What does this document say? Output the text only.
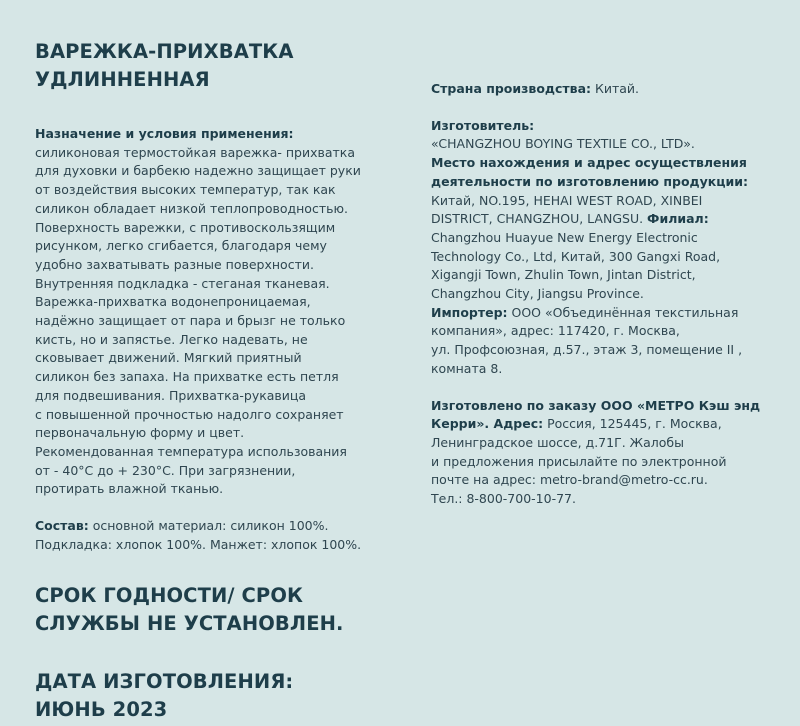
ВАРЕЖКА-ПРИХВАТКА
УДЛИННЕННАЯ
Назначение и условия применения:
силиконовая термостойкая варежка- прихватка
для духовки и барбекю надежно защищает руки
от воздействия высоких температур, так как
силикон обладает низкой теплопроводностью.
Поверхность варежки, с противоскользящим
рисунком, легко сгибается, благодаря чему
удобно захватывать разные поверхности.
Внутренняя подкладка - стеганая тканевая.
Варежка-прихватка водонепроницаемая,
надёжно защищает от пара и брызг не только
кисть, но и запястье. Легко надевать, не
сковывает движений. Мягкий приятный
силикон без запаха. На прихватке есть петля
для подвешивания. Прихватка-рукавица
с повышенной прочностью надолго сохраняет
первоначальную форму и цвет.
Рекомендованная температура использования
от - 40°С до + 230°С. При загрязнении,
протирать влажной тканью.
Состав: основной материал: силикон 100%.
Подкладка: хлопок 100%. Манжет: хлопок 100%.
СРОК ГОДНОСТИ/ СРОК
СЛУЖБЫ НЕ УСТАНОВЛЕН.
ДАТА ИЗГОТОВЛЕНИЯ:
ИЮНЬ 2023
Страна производства: Китай.
Изготовитель:
«CHANGZHOU BOYING TEXTILE CO., LTD».
Место нахождения и адрес осуществления
деятельности по изготовлению продукции:
Китай, NO.195, HEHAI WEST ROAD, XINBEI
DISTRICT, CHANGZHOU, LANGSU. Филиал:
Changzhou Huayue New Energy Electronic
Technology Co., Ltd, Китай, 300 Gangxi Road,
Xigangji Town, Zhulin Town, Jintan District,
Changzhou City, Jiangsu Province.
Импортер: ООО «Объединённая текстильная
компания», адрес: 117420, г. Москва,
ул. Профсоюзная, д.57., этаж 3, помещение II ,
комната 8.
Изготовлено по заказу ООО «МЕТРО Кэш энд
Керри». Адрес: Россия, 125445, г. Москва,
Ленинградское шоссе, д.71Г. Жалобы
и предложения присылайте по электронной
почте на адрес: metro-brand@metro-cc.ru.
Тел.: 8-800-700-10-77.
